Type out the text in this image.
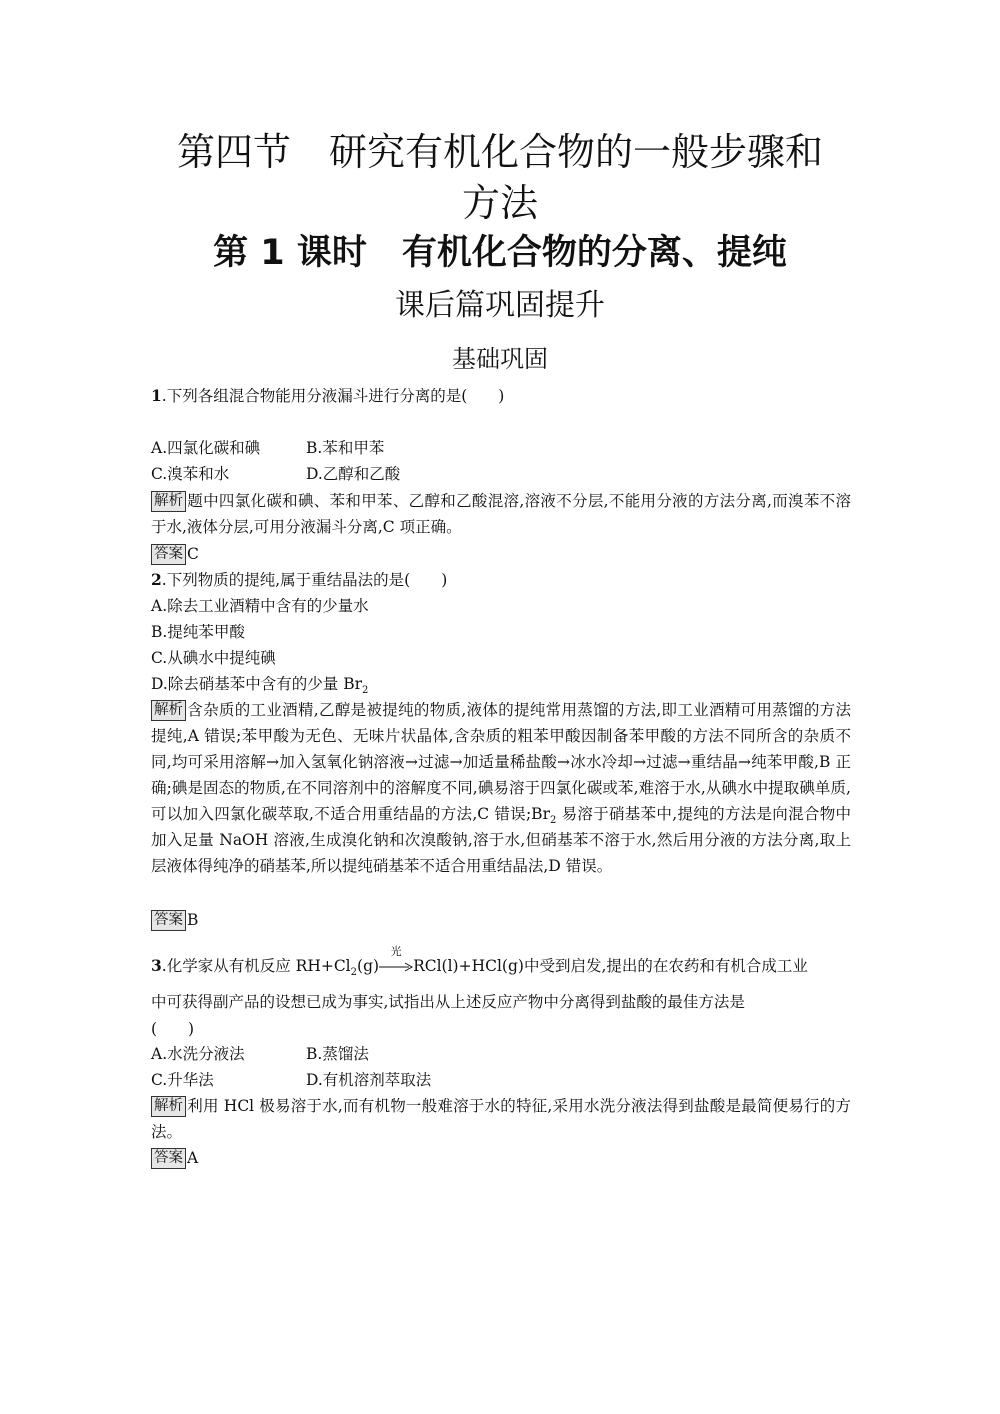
第四节　研究有机化合物的一般步骤和
方法
第 1 课时　有机化合物的分离、提纯
课后篇巩固提升
基础巩固
1.下列各组混合物能用分液漏斗进行分离的是(　　)
A.四氯化碳和碘	B.苯和甲苯
C.溴苯和水	D.乙醇和乙酸
解析 题中四氯化碳和碘、苯和甲苯、乙醇和乙酸混溶,溶液不分层,不能用分液的方法分离,而溴苯不溶于水,液体分层,可用分液漏斗分离,C 项正确。
答案 C
2.下列物质的提纯,属于重结晶法的是(　　)
A.除去工业酒精中含有的少量水
B.提纯苯甲酸
C.从碘水中提纯碘
D.除去硝基苯中含有的少量 $Br_2$
解析 含杂质的工业酒精,乙醇是被提纯的物质,液体的提纯常用蒸馏的方法,即工业酒精可用蒸馏的方法提纯,A 错误;苯甲酸为无色、无味片状晶体,含杂质的粗苯甲酸因制备苯甲酸的方法不同所含的杂质不同,均可采用溶解→加入氢氧化钠溶液→过滤→加适量稀盐酸→冰水冷却→过滤→重结晶→纯苯甲酸,B 正确;碘是固态的物质,在不同溶剂中的溶解度不同,碘易溶于四氯化碳或苯,难溶于水,从碘水中提取碘单质,可以加入四氯化碳萃取,不适合用重结晶的方法,C 错误$;Br_2$ 易溶于硝基苯中,提纯的方法是向混合物中加入足量 NaOH 溶液,生成溴化钠和次溴酸钠,溶于水,但硝基苯不溶于水,然后用分液的方法分离,取上层液体得纯净的硝基苯,所以提纯硝基苯不适合用重结晶法,D 错误。
答案 B
3.化学家从有机反应 $RH+Cl_2(g)$
光
RCl(l)+HCl(g)中受到启发,提出的在农药和有机合成工业
中可获得副产品的设想已成为事实,试指出从上述反应产物中分离得到盐酸的最佳方法是
(　　)
A.水洗分液法	B.蒸馏法
C.升华法	D.有机溶剂萃取法
解析 利用 HCl 极易溶于水,而有机物一般难溶于水的特征,采用水洗分液法得到盐酸是最简便易行的方法。
答案 A
